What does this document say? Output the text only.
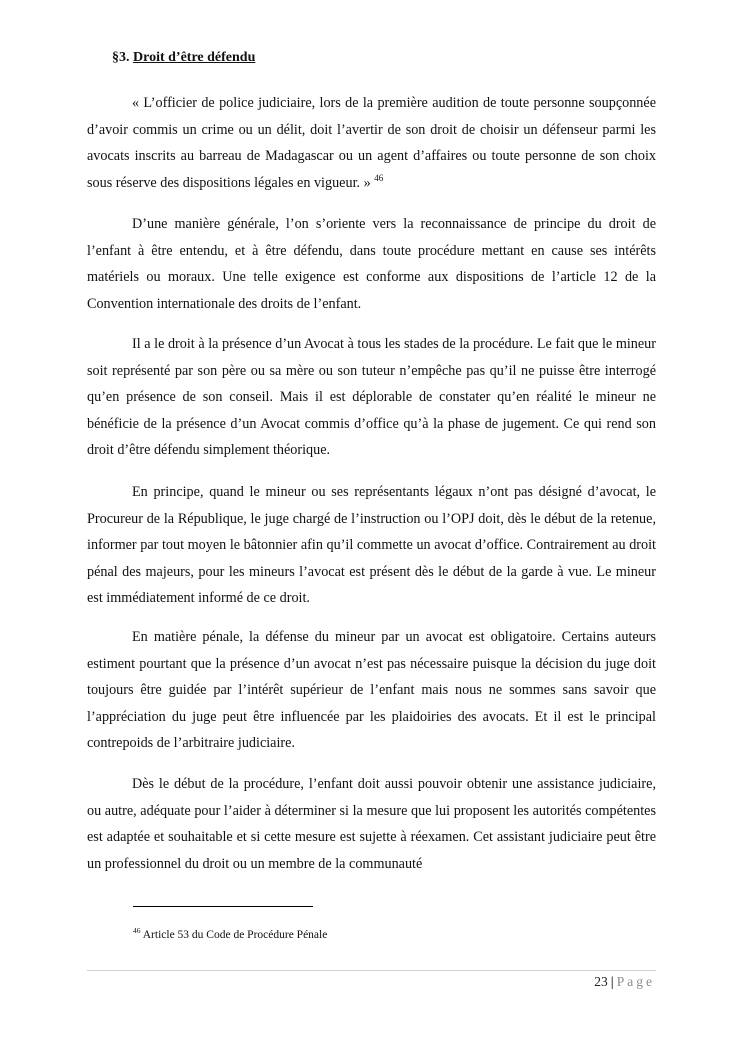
§3. Droit d’être défendu

« L’officier de police judiciaire, lors de la première audition de toute personne soupçonnée d’avoir commis un crime ou un délit, doit l’avertir de son droit de choisir un défenseur parmi les avocats inscrits au barreau de Madagascar ou un agent d’affaires ou toute personne de son choix sous réserve des dispositions légales en vigueur. » $^{46}$

D’une manière générale, l’on s’oriente vers la reconnaissance de principe du droit de l’enfant à être entendu, et à être défendu, dans toute procédure mettant en cause ses intérêts matériels ou moraux. Une telle exigence est conforme aux dispositions de l’article 12 de la Convention internationale des droits de l’enfant.

Il a le droit à la présence d’un Avocat à tous les stades de la procédure. Le fait que le mineur soit représenté par son père ou sa mère ou son tuteur n’empêche pas qu’il ne puisse être interrogé qu’en présence de son conseil. Mais il est déplorable de constater qu’en réalité le mineur ne bénéficie de la présence d’un Avocat commis d’office qu’à la phase de jugement. Ce qui rend son droit d’être défendu simplement théorique.

En principe, quand le mineur ou ses représentants légaux n’ont pas désigné d’avocat, le Procureur de la République, le juge chargé de l’instruction ou l’OPJ doit, dès le début de la retenue, informer par tout moyen le bâtonnier afin qu’il commette un avocat d’office. Contrairement au droit pénal des majeurs, pour les mineurs l’avocat est présent dès le début de la garde à vue. Le mineur est immédiatement informé de ce droit.

En matière pénale, la défense du mineur par un avocat est obligatoire. Certains auteurs estiment pourtant que la présence d’un avocat n’est pas nécessaire puisque la décision du juge doit toujours être guidée par l’intérêt supérieur de l’enfant mais nous ne sommes sans savoir que l’appréciation du juge peut être influencée par les plaidoiries des avocats. Et il est le principal contrepoids de l’arbitraire judiciaire.

Dès le début de la procédure, l’enfant doit aussi pouvoir obtenir une assistance judiciaire, ou autre, adéquate pour l’aider à déterminer si la mesure que lui proposent les autorités compétentes est adaptée et souhaitable et si cette mesure est sujette à réexamen. Cet assistant judiciaire peut être un professionnel du droit ou un membre de la communauté

$^{46}$ Article 53 du Code de Procédure Pénale
23 | Page
